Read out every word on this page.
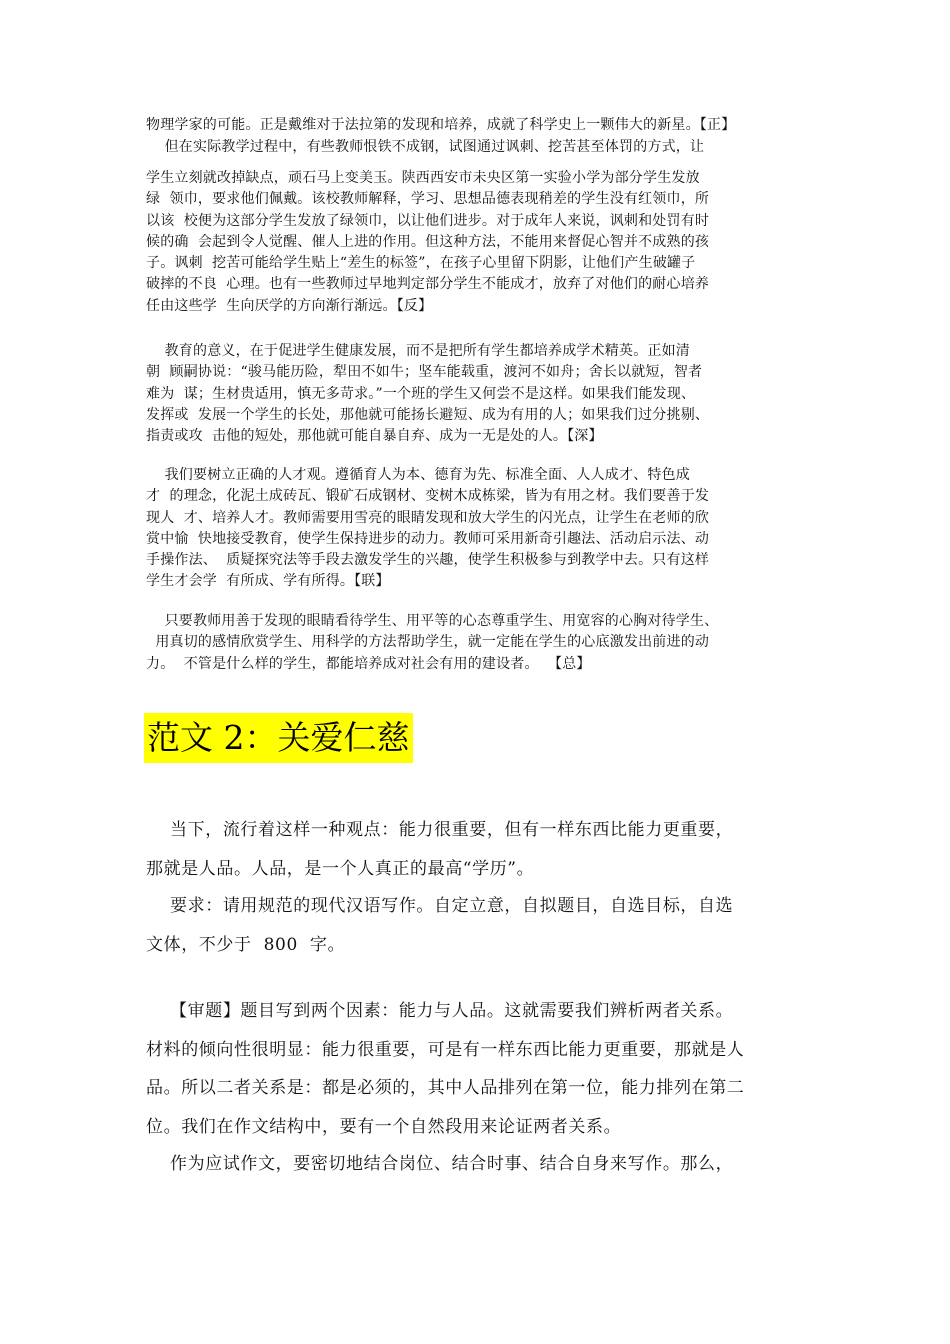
物理学家的可能。正是戴维对于法拉第的发现和培养，成就了科学史上一颗伟大的新星。【正】

但在实际教学过程中，有些教师恨铁不成钢，试图通过讽刺、挖苦甚至体罚的方式，让

学生立刻就改掉缺点，顽石马上变美玉。陕西西安市未央区第一实验小学为部分学生发放
绿  领巾，要求他们佩戴。该校教师解释，学习、思想品德表现稍差的学生没有红领巾，所
以该  校便为这部分学生发放了绿领巾，以让他们进步。对于成年人来说，讽刺和处罚有时
候的确  会起到令人觉醒、催人上进的作用。但这种方法，不能用来督促心智并不成熟的孩
子。讽刺  挖苦可能给学生贴上“差生的标签”，在孩子心里留下阴影，让他们产生破罐子
破摔的不良  心理。也有一些教师过早地判定部分学生不能成才，放弃了对他们的耐心培养
任由这些学  生向厌学的方向渐行渐远。【反】

教育的意义，在于促进学生健康发展，而不是把所有学生都培养成学术精英。正如清
朝  顾嗣协说：“骏马能历险，犁田不如牛；坚车能载重，渡河不如舟；舍长以就短，智者
难为  谋；生材贵适用，慎无多苛求。”一个班的学生又何尝不是这样。如果我们能发现、
发挥或  发展一个学生的长处，那他就可能扬长避短、成为有用的人；如果我们过分挑剔、
指责或攻  击他的短处，那他就可能自暴自弃、成为一无是处的人。【深】

我们要树立正确的人才观。遵循育人为本、德育为先、标准全面、人人成才、特色成
才  的理念，化泥土成砖瓦、锻矿石成钢材、变树木成栋梁，皆为有用之材。我们要善于发
现人  才、培养人才。教师需要用雪亮的眼睛发现和放大学生的闪光点，让学生在老师的欣
赏中愉  快地接受教育，使学生保持进步的动力。教师可采用新奇引趣法、活动启示法、动
手操作法、  质疑探究法等手段去激发学生的兴趣，使学生积极参与到教学中去。只有这样
学生才会学  有所成、学有所得。【联】

只要教师用善于发现的眼睛看待学生、用平等的心态尊重学生、用宽容的心胸对待学生、
用真切的感情欣赏学生、用科学的方法帮助学生，就一定能在学生的心底激发出前进的动
力。  不管是什么样的学生，都能培养成对社会有用的建设者。  【总】

范文 2：关爱仁慈

当下，流行着这样一种观点：能力很重要，但有一样东西比能力更重要，
那就是人品。人品，是一个人真正的最高“学历”。

要求：请用规范的现代汉语写作。自定立意，自拟题目，自选目标，自选
文体，不少于  800  字。

【审题】题目写到两个因素：能力与人品。这就需要我们辨析两者关系。
材料的倾向性很明显：能力很重要，可是有一样东西比能力更重要，那就是人
品。所以二者关系是：都是必须的，其中人品排列在第一位，能力排列在第二
位。我们在作文结构中，要有一个自然段用来论证两者关系。

作为应试作文，要密切地结合岗位、结合时事、结合自身来写作。那么，
